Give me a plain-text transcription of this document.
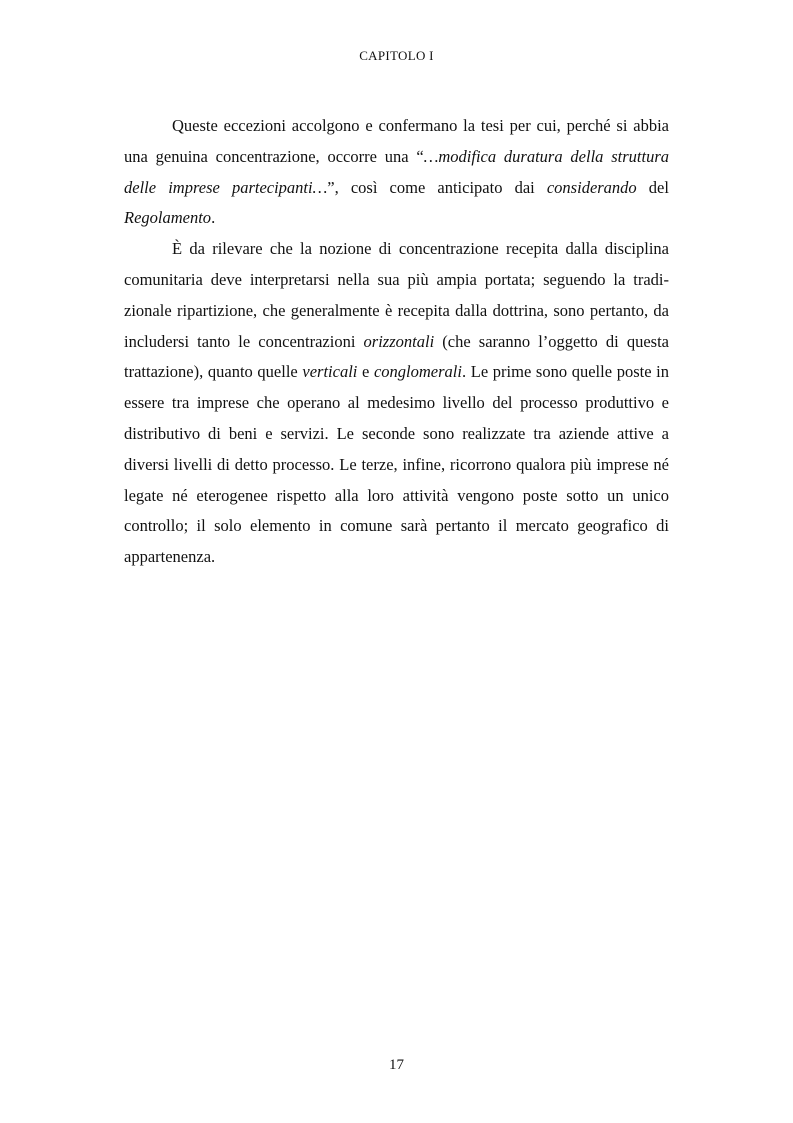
CAPITOLO I

Queste eccezioni accolgono e confermano la tesi per cui, perché si abbia una genuina concentrazione, occorre una “…modifica duratura della struttura delle imprese partecipanti…”, così come anticipato dai considerando del Regolamento.

È da rilevare che la nozione di concentrazione recepita dalla disciplina comunitaria deve interpretarsi nella sua più ampia portata; seguendo la tradizionale ripartizione, che generalmente è recepita dalla dottrina, sono pertanto, da includersi tanto le concentrazioni orizzontali (che saranno l’oggetto di questa trattazione), quanto quelle verticali e conglomerali. Le prime sono quelle poste in essere tra imprese che operano al medesimo livello del processo produttivo e distributivo di beni e servizi. Le seconde sono realizzate tra aziende attive a diversi livelli di detto processo. Le terze, infine, ricorrono qualora più imprese né legate né eterogenee rispetto alla loro attività vengono poste sotto un unico controllo; il solo elemento in comune sarà pertanto il mercato geografico di appartenenza.

17
